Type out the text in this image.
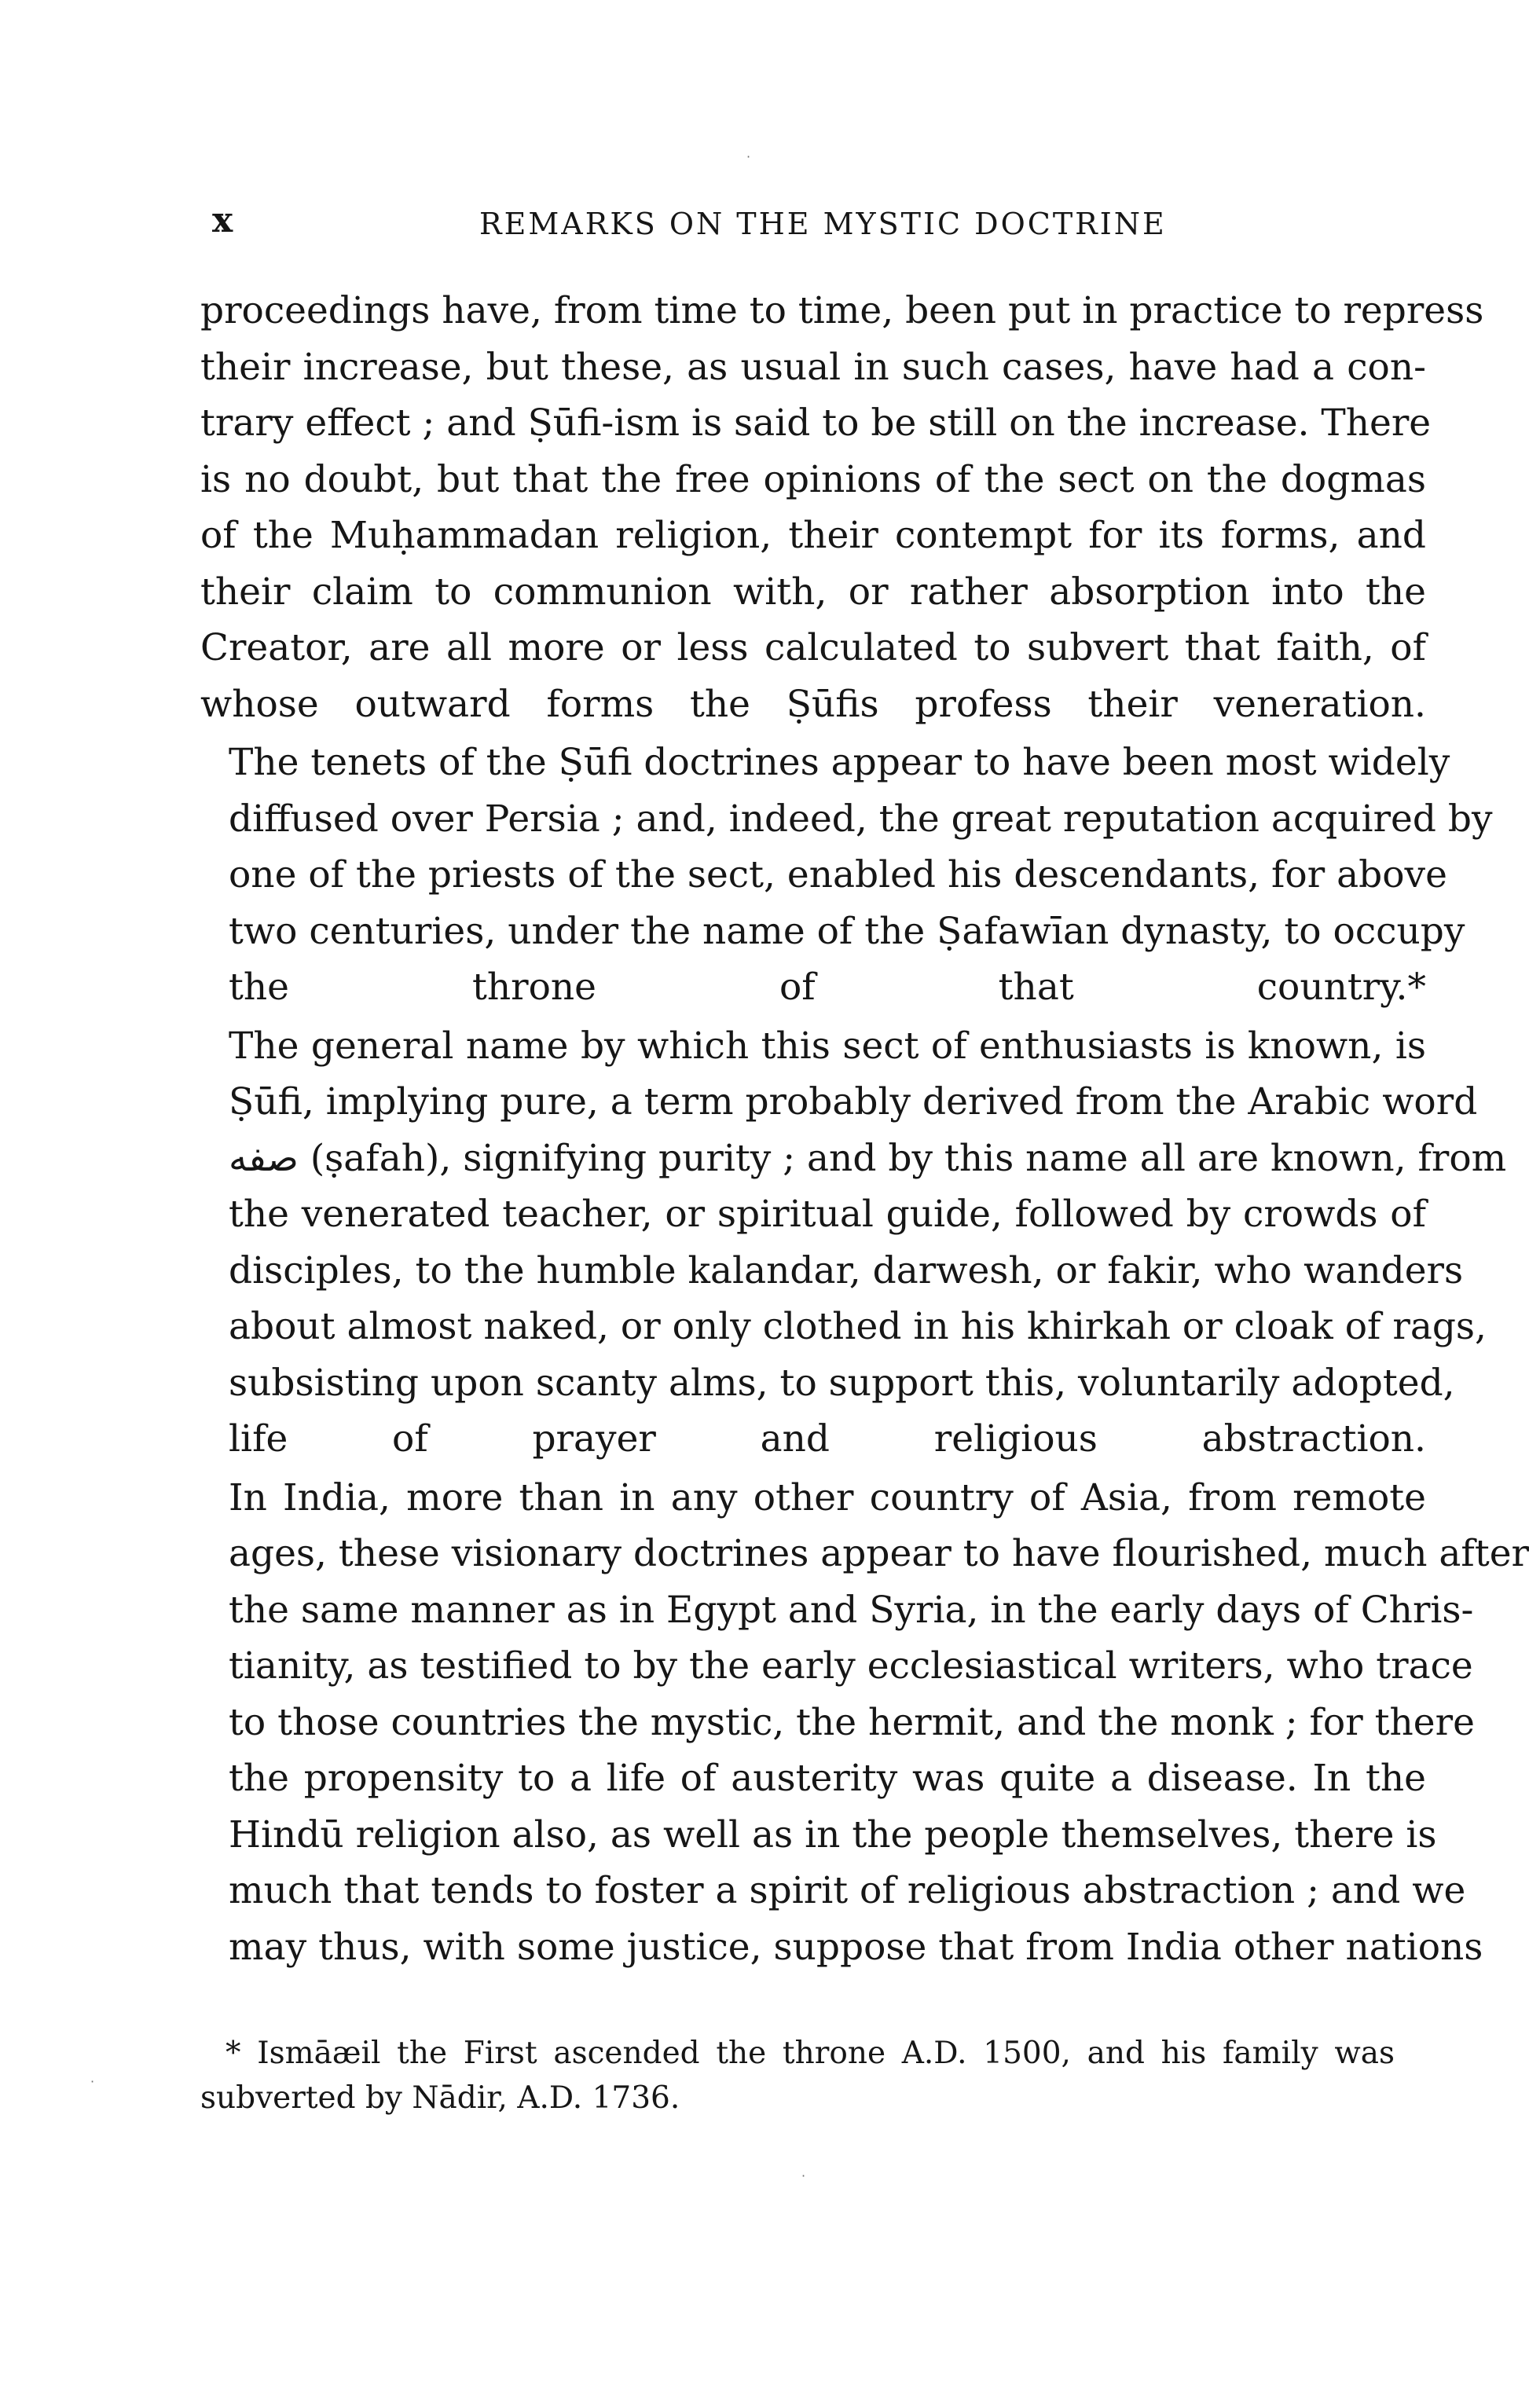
x	REMARKS ON THE MYSTIC DOCTRINE

proceedings have, from time to time, been put in practice to repress
their increase, but these, as usual in such cases, have had a con-
trary effect ; and Ṣūfi-ism is said to be still on the increase. There
is no doubt, but that the free opinions of the sect on the dogmas
of the Muḥammadan religion, their contempt for its forms, and
their claim to communion with, or rather absorption into the
Creator, are all more or less calculated to subvert that faith, of
whose outward forms the Ṣūfis profess their veneration.

The tenets of the Ṣūfi doctrines appear to have been most widely
diffused over Persia ; and, indeed, the great reputation acquired by
one of the priests of the sect, enabled his descendants, for above
two centuries, under the name of the Ṣafawīan dynasty, to occupy
the throne of that country.*

The general name by which this sect of enthusiasts is known, is
Ṣūfi, implying pure, a term probably derived from the Arabic word
صفه (ṣafah), signifying purity ; and by this name all are known, from
the venerated teacher, or spiritual guide, followed by crowds of
disciples, to the humble kalandar, darwesh, or fakir, who wanders
about almost naked, or only clothed in his khirkah or cloak of rags,
subsisting upon scanty alms, to support this, voluntarily adopted,
life of prayer and religious abstraction.

In India, more than in any other country of Asia, from remote
ages, these visionary doctrines appear to have flourished, much after
the same manner as in Egypt and Syria, in the early days of Chris-
tianity, as testified to by the early ecclesiastical writers, who trace
to those countries the mystic, the hermit, and the monk ; for there
the propensity to a life of austerity was quite a disease. In the
Hindū religion also, as well as in the people themselves, there is
much that tends to foster a spirit of religious abstraction ; and we
may thus, with some justice, suppose that from India other nations

* Ismāæil the First ascended the throne A.D. 1500, and his family was
subverted by Nādir, A.D. 1736.
·
·
·
